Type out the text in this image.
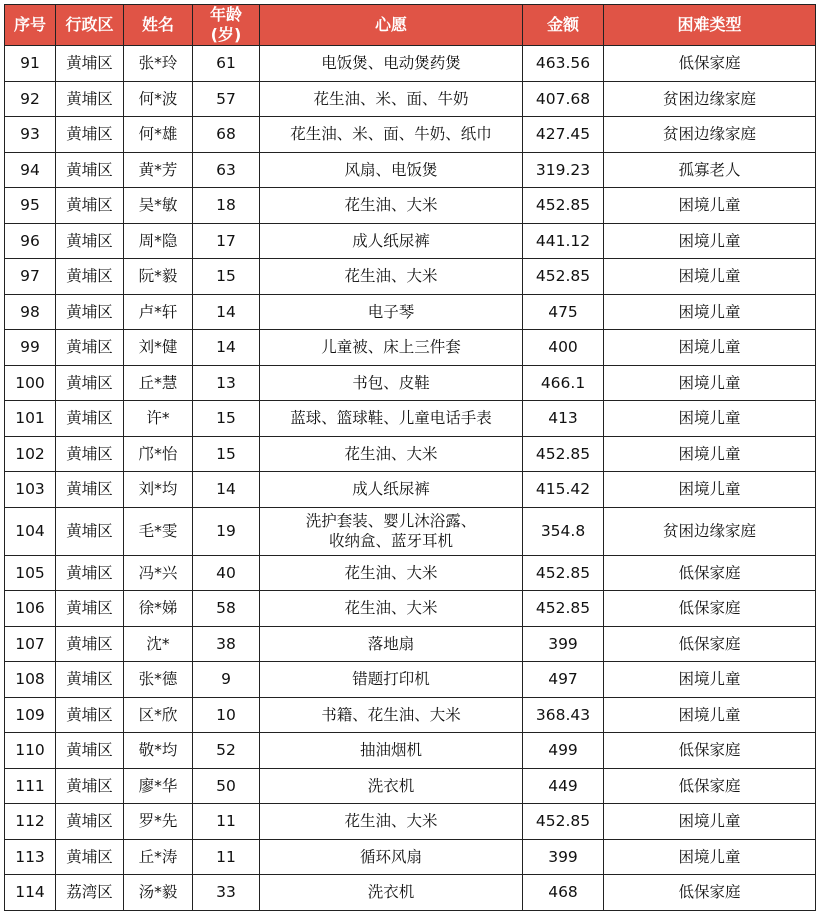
序号	行政区	姓名	年龄(岁)	心愿	金额	困难类型
91	黄埔区	张*玲	61	电饭煲、电动煲药煲	463.56	低保家庭
92	黄埔区	何*波	57	花生油、米、面、牛奶	407.68	贫困边缘家庭
93	黄埔区	何*雄	68	花生油、米、面、牛奶、纸巾	427.45	贫困边缘家庭
94	黄埔区	黄*芳	63	风扇、电饭煲	319.23	孤寡老人
95	黄埔区	吴*敏	18	花生油、大米	452.85	困境儿童
96	黄埔区	周*隐	17	成人纸尿裤	441.12	困境儿童
97	黄埔区	阮*毅	15	花生油、大米	452.85	困境儿童
98	黄埔区	卢*轩	14	电子琴	475	困境儿童
99	黄埔区	刘*健	14	儿童被、床上三件套	400	困境儿童
100	黄埔区	丘*慧	13	书包、皮鞋	466.1	困境儿童
101	黄埔区	许*	15	蓝球、篮球鞋、儿童电话手表	413	困境儿童
102	黄埔区	邝*怡	15	花生油、大米	452.85	困境儿童
103	黄埔区	刘*均	14	成人纸尿裤	415.42	困境儿童
104	黄埔区	毛*雯	19	洗护套装、婴儿沐浴露、
收纳盒、蓝牙耳机	354.8	贫困边缘家庭
105	黄埔区	冯*兴	40	花生油、大米	452.85	低保家庭
106	黄埔区	徐*娣	58	花生油、大米	452.85	低保家庭
107	黄埔区	沈*	38	落地扇	399	低保家庭
108	黄埔区	张*德	9	错题打印机	497	困境儿童
109	黄埔区	区*欣	10	书籍、花生油、大米	368.43	困境儿童
110	黄埔区	敬*均	52	抽油烟机	499	低保家庭
111	黄埔区	廖*华	50	洗衣机	449	低保家庭
112	黄埔区	罗*先	11	花生油、大米	452.85	困境儿童
113	黄埔区	丘*涛	11	循环风扇	399	困境儿童
114	荔湾区	汤*毅	33	洗衣机	468	低保家庭
